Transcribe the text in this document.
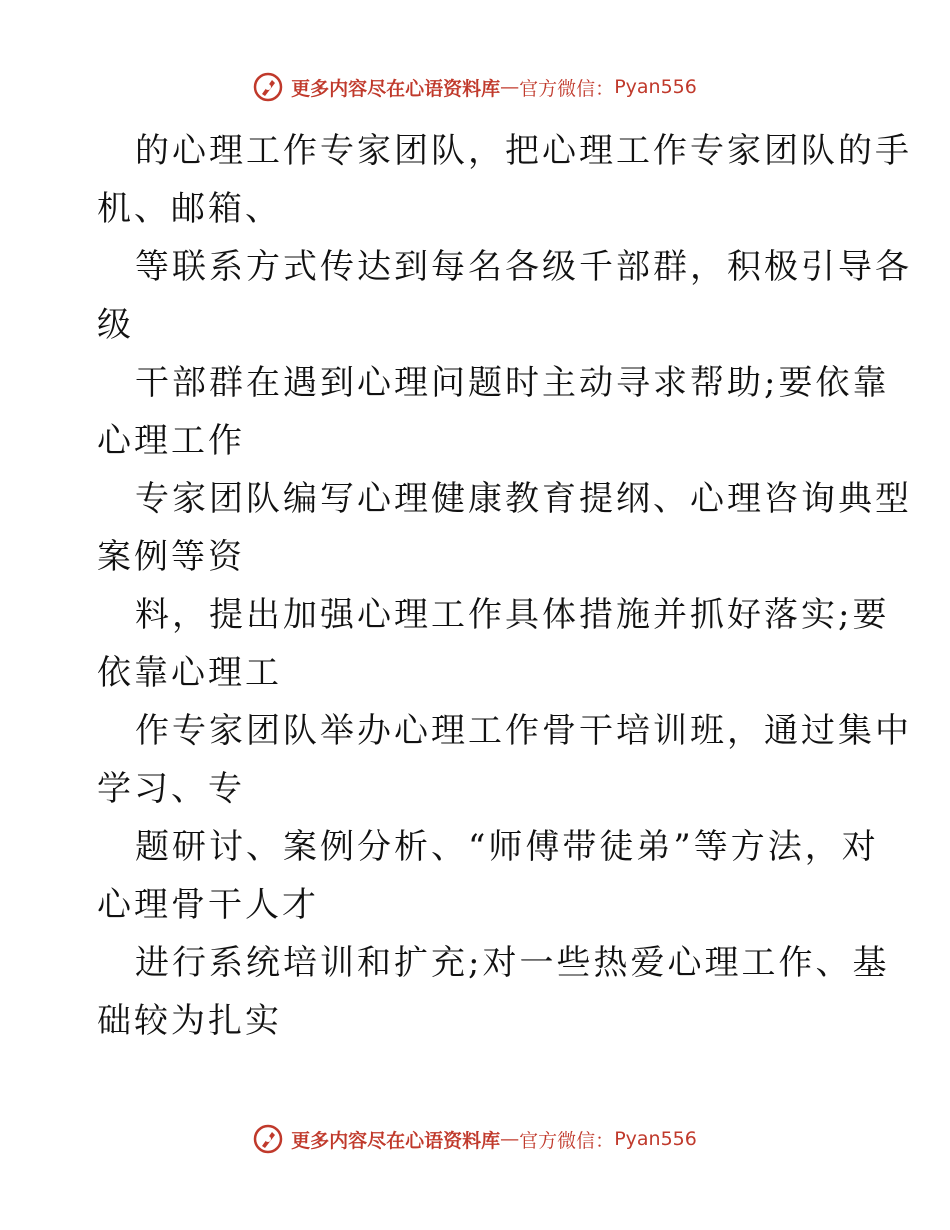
更多内容尽在心语资料库 — 官方微信： Pyan556
的心理工作专家团队，把心理工作专家团队的手
机、邮箱、
等联系方式传达到每名各级千部群，积极引导各
级
干部群在遇到心理问题时主动寻求帮助;要依靠
心理工作
专家团队编写心理健康教育提纲、心理咨询典型
案例等资
料，提出加强心理工作具体措施并抓好落实;要
依靠心理工
作专家团队举办心理工作骨干培训班，通过集中
学习、专
题研讨、案例分析、“师傅带徒弟”等方法，对
心理骨干人才
进行系统培训和扩充;对一些热爱心理工作、基
础较为扎实
更多内容尽在心语资料库 — 官方微信： Pyan556
